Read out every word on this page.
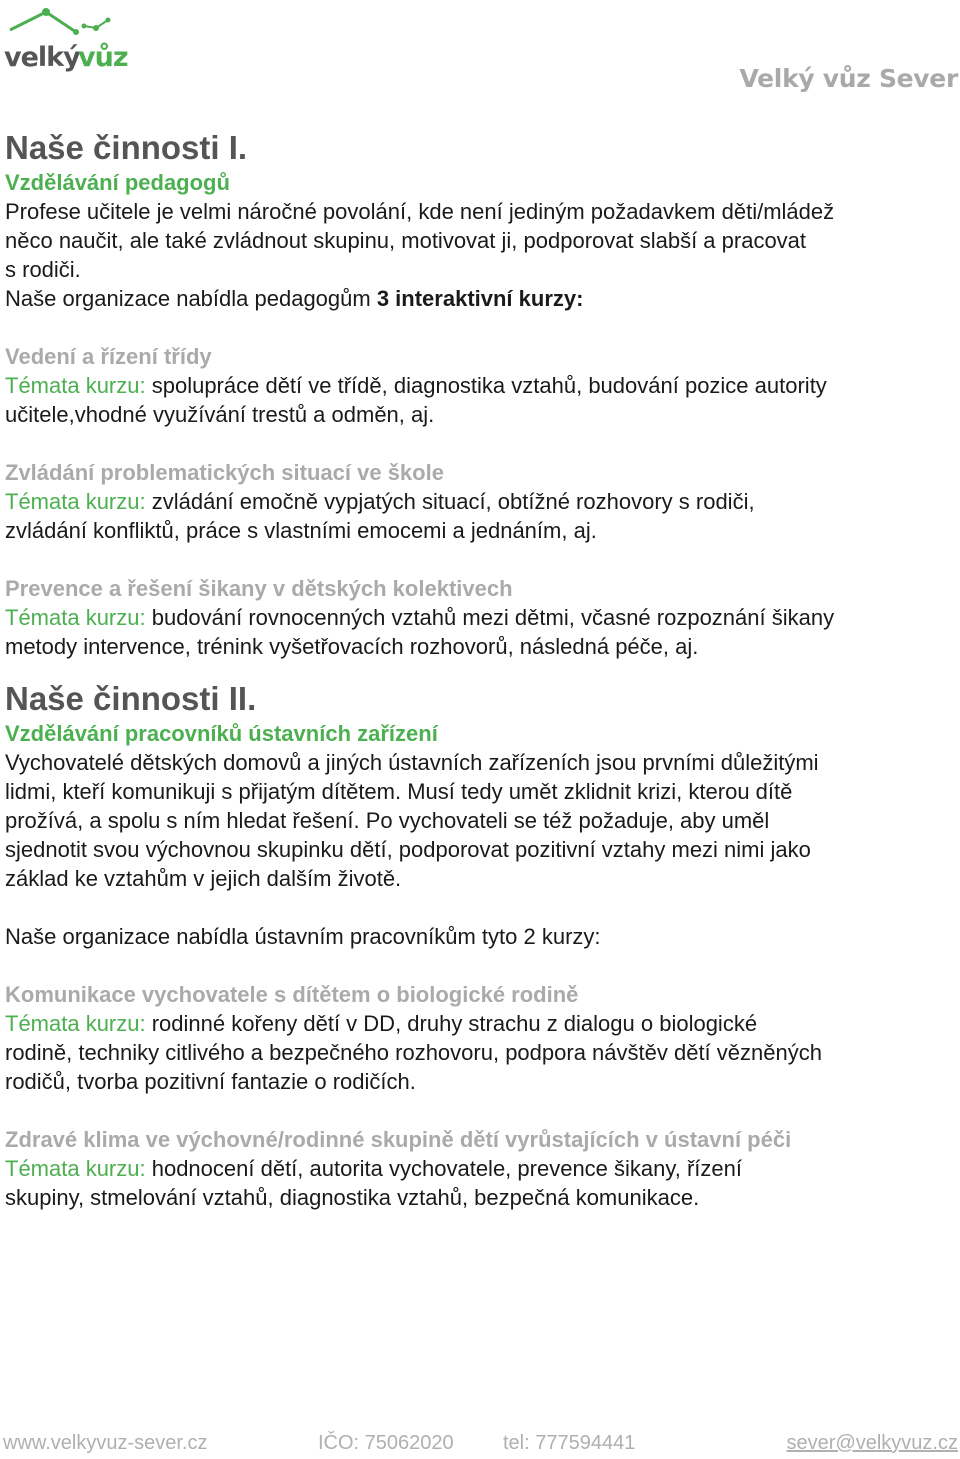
velký
vůz
Velký vůz Sever
Naše činnosti I.
Vzdělávání pedagogů

Profese učitele je velmi náročné povolání, kde není jediným požadavkem děti/mládež

něco naučit, ale také zvládnout skupinu, motivovat ji, podporovat slabší a pracovat

s rodiči.

Naše organizace nabídla pedagogům 3 interaktivní kurzy:

Vedení a řízení třídy

Témata kurzu: spolupráce dětí ve třídě, diagnostika vztahů, budování pozice autority

učitele,vhodné využívání trestů a odměn, aj.

Zvládání problematických situací ve škole

Témata kurzu: zvládání emočně vypjatých situací, obtížné rozhovory s rodiči,

zvládání konfliktů, práce s vlastními emocemi a jednáním, aj.

Prevence a řešení šikany v dětských kolektivech

Témata kurzu: budování rovnocenných vztahů mezi dětmi, včasné rozpoznání šikany

metody intervence, trénink vyšetřovacích rozhovorů, následná péče, aj.

Naše činnosti II.
Vzdělávání pracovníků ústavních zařízení

Vychovatelé dětských domovů a jiných ústavních zařízeních jsou prvními důležitými

lidmi, kteří komunikuji s přijatým dítětem. Musí tedy umět zklidnit krizi, kterou dítě

prožívá, a spolu s ním hledat řešení. Po vychovateli se též požaduje, aby uměl

sjednotit svou výchovnou skupinku dětí, podporovat pozitivní vztahy mezi nimi jako

základ ke vztahům v jejich dalším životě.

Naše organizace nabídla ústavním pracovníkům tyto 2 kurzy:

Komunikace vychovatele s dítětem o biologické rodině

Témata kurzu: rodinné kořeny dětí v DD, druhy strachu z dialogu o biologické

rodině, techniky citlivého a bezpečného rozhovoru, podpora návštěv dětí vězněných

rodičů, tvorba pozitivní fantazie o rodičích.

Zdravé klima ve výchovné/rodinné skupině dětí vyrůstajících v ústavní péči

Témata kurzu: hodnocení dětí, autorita vychovatele, prevence šikany, řízení

skupiny, stmelování vztahů, diagnostika vztahů, bezpečná komunikace.

www.velkyvuz-sever.cz	IČO: 75062020 tel: 777594441	sever@velkyvuz.cz
